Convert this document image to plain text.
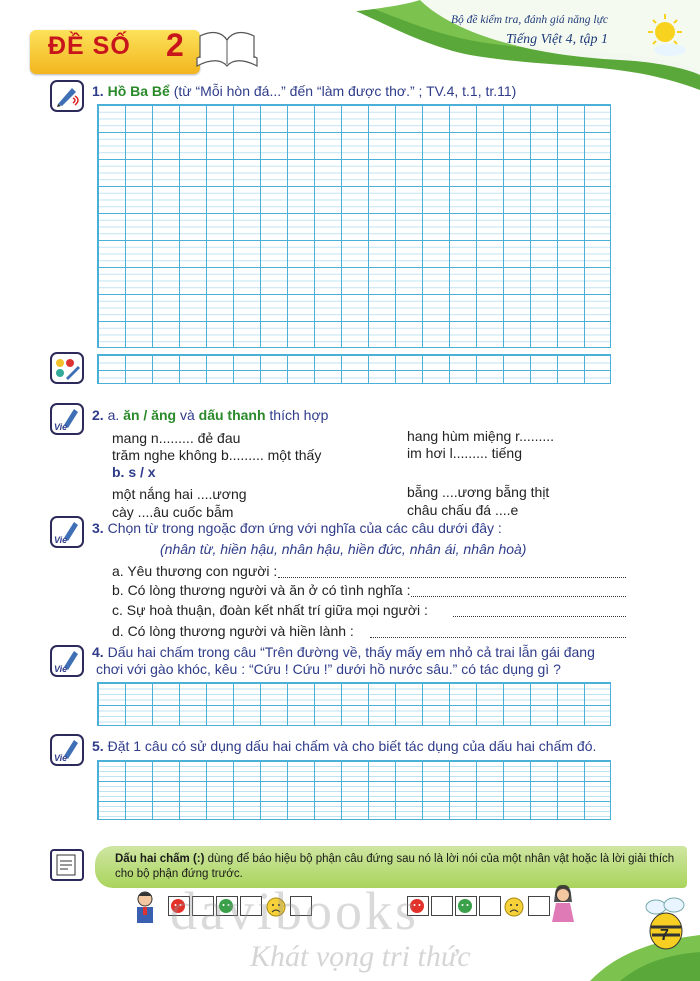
ĐỀ SỐ 2
Bộ đề kiểm tra, đánh giá năng lực
Tiếng Việt 4, tập 1
1. Hồ Ba Bể (từ “Mỗi hòn đá...” đến “làm được thơ.” ; TV.4, t.1, tr.11)
Vie
2. a. ăn / ăng và dấu thanh thích hợp
mang n......... đẻ đau
trăm nghe không b......... một thấy
hang hùm miệng r.........
im hơi l......... tiếng
b. s / x
một nắng hai ....ương
cày ....âu cuốc bẫm
bẵng ....ương bẵng thịt
châu chấu đá ....e
Vie
3. Chọn từ trong ngoặc đơn ứng với nghĩa của các câu dưới đây :
(nhân từ, hiền hậu, nhân hậu, hiền đức, nhân ái, nhân hoà)
a. Yêu thương con người :
b. Có lòng thương người và ăn ở có tình nghĩa :
c. Sự hoà thuận, đoàn kết nhất trí giữa mọi người :
d. Có lòng thương người và hiền lành :
Vie
4. Dấu hai chấm trong câu “Trên đường về, thấy mấy em nhỏ cả trai lẫn gái đang
chơi với gào khóc, kêu : “Cứu ! Cứu !” dưới hồ nước sâu.” có tác dụng gì ?
Vie
5. Đặt 1 câu có sử dụng dấu hai chấm và cho biết tác dụng của dấu hai chấm đó.
Dấu hai chấm (:) dùng để báo hiệu bộ phận câu đứng sau nó là lời nói của một nhân vật hoặc là lời giải thích cho bộ phận đứng trước.
davibooks
Khát vọng tri thức
7
